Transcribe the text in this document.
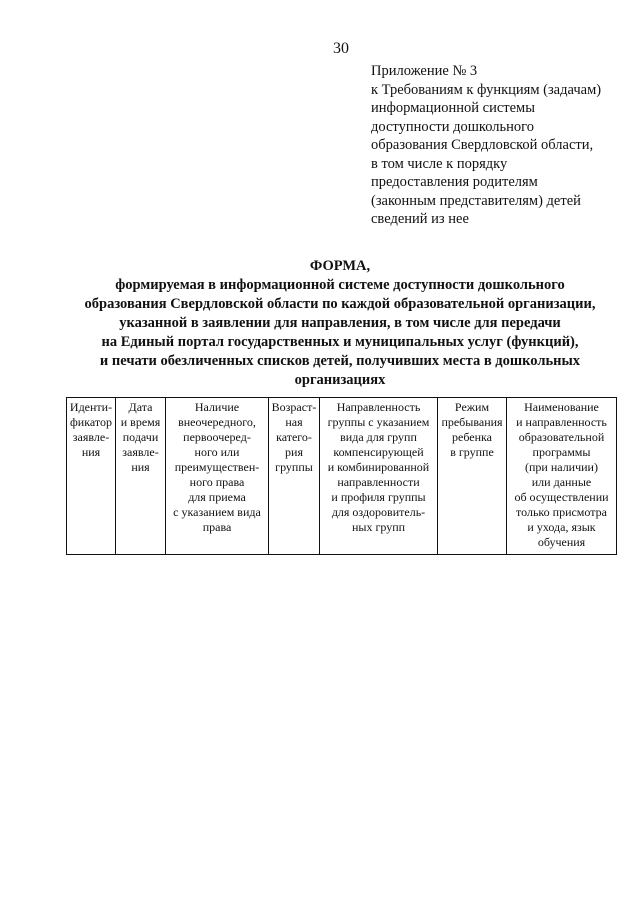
30
Приложение № 3
к Требованиям к функциям (задачам)
информационной системы
доступности дошкольного
образования Свердловской области,
в том числе к порядку
предоставления родителям
(законным представителям) детей
сведений из нее
ФОРМА,
формируемая в информационной системе доступности дошкольного
образования Свердловской области по каждой образовательной организации,
указанной в заявлении для направления, в том числе для передачи
на Единый портал государственных и муниципальных услуг (функций),
и печати обезличенных списков детей, получивших места в дошкольных
организациях
Иденти-
фикатор
заявле-
ния

Дата
и время
подачи
заявле-
ния

Наличие
внеочередного,
первоочеред-
ного или
преимуществен-
ного права
для приема
с указанием вида
права

Возраст-
ная
катего-
рия
группы

Направленность
группы с указанием
вида для групп
компенсирующей
и комбинированной
направленности
и профиля группы
для оздоровитель-
ных групп

Режим
пребывания
ребенка
в группе

Наименование
и направленность
образовательной
программы
(при наличии)
или данные
об осуществлении
только присмотра
и ухода, язык
обучения
